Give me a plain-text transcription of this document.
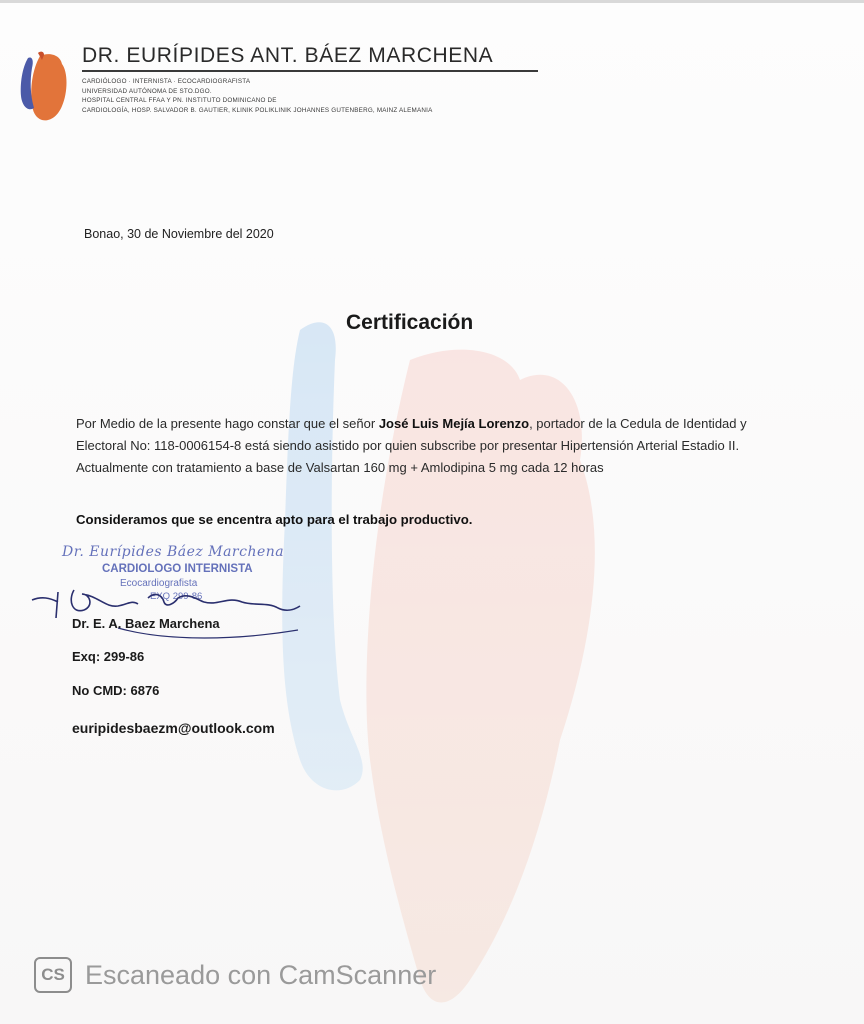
DR. EURÍPIDES ANT. BÁEZ MARCHENA
CARDIÓLOGO · INTERNISTA · ECOCARDIOGRAFISTA
UNIVERSIDAD AUTÓNOMA DE STO.DGO.
HOSPITAL CENTRAL FFAA Y PN. INSTITUTO DOMINICANO DE
CARDIOLOGÍA, HOSP. SALVADOR B. GAUTIER, KLINIK POLIKLINIK JOHANNES GUTENBERG, MAINZ ALEMANIA
Bonao, 30 de Noviembre del 2020
Certificación
Por Medio de la presente hago constar que el señor José Luis Mejía Lorenzo, portador de la Cedula de Identidad y Electoral No: 118-0006154-8 está siendo asistido por quien subscribe por presentar Hipertensión Arterial Estadio II. Actualmente con tratamiento a base de Valsartan 160 mg + Amlodipina 5 mg cada 12 horas
Consideramos que se encentra apto para el trabajo productivo.
Dr. Eurípides Báez Marchena
CARDIOLOGO INTERNISTA
Ecocardiografista
EXQ 299-86
Dr. E. A. Baez Marchena
Exq: 299-86
No CMD: 6876
euripidesbaezm@outlook.com
CS Escaneado con CamScanner
